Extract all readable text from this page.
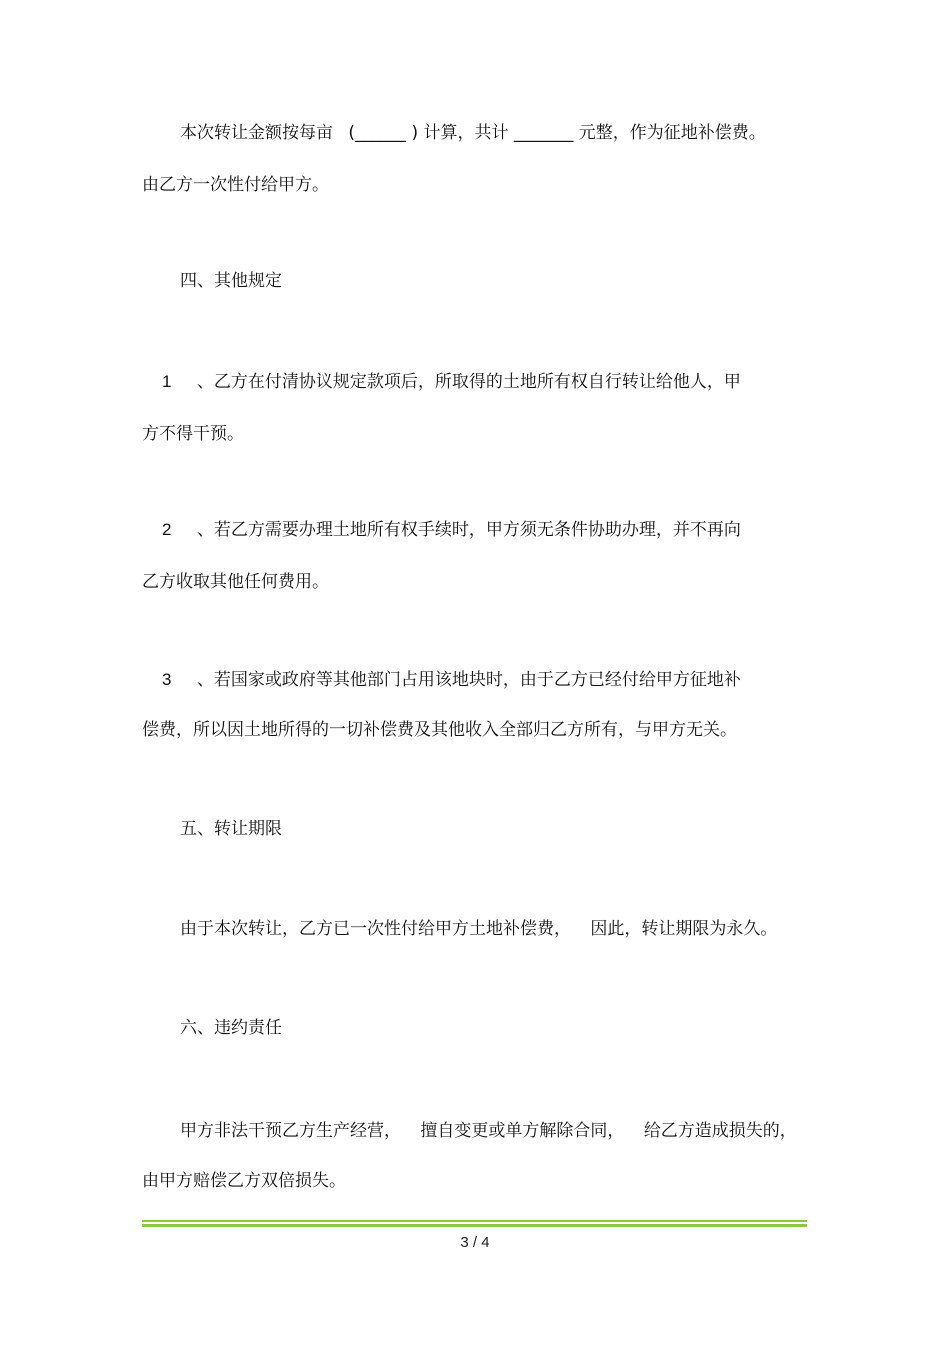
本次转让金额按每亩 (______ ) 计算，共计 _______ 元整，作为征地补偿费。
由乙方一次性付给甲方。
四、其他规定
1 、乙方在付清协议规定款项后，所取得的土地所有权自行转让给他人，甲
方不得干预。
2 、若乙方需要办理土地所有权手续时，甲方须无条件协助办理，并不再向
乙方收取其他任何费用。
3 、若国家或政府等其他部门占用该地块时，由于乙方已经付给甲方征地补
偿费，所以因土地所得的一切补偿费及其他收入全部归乙方所有，与甲方无关。
五、转让期限
由于本次转让，乙方已一次性付给甲方土地补偿费， 因此，转让期限为永久。
六、违约责任
甲方非法干预乙方生产经营， 擅自变更或单方解除合同， 给乙方造成损失的，
由甲方赔偿乙方双倍损失。
3 / 4
